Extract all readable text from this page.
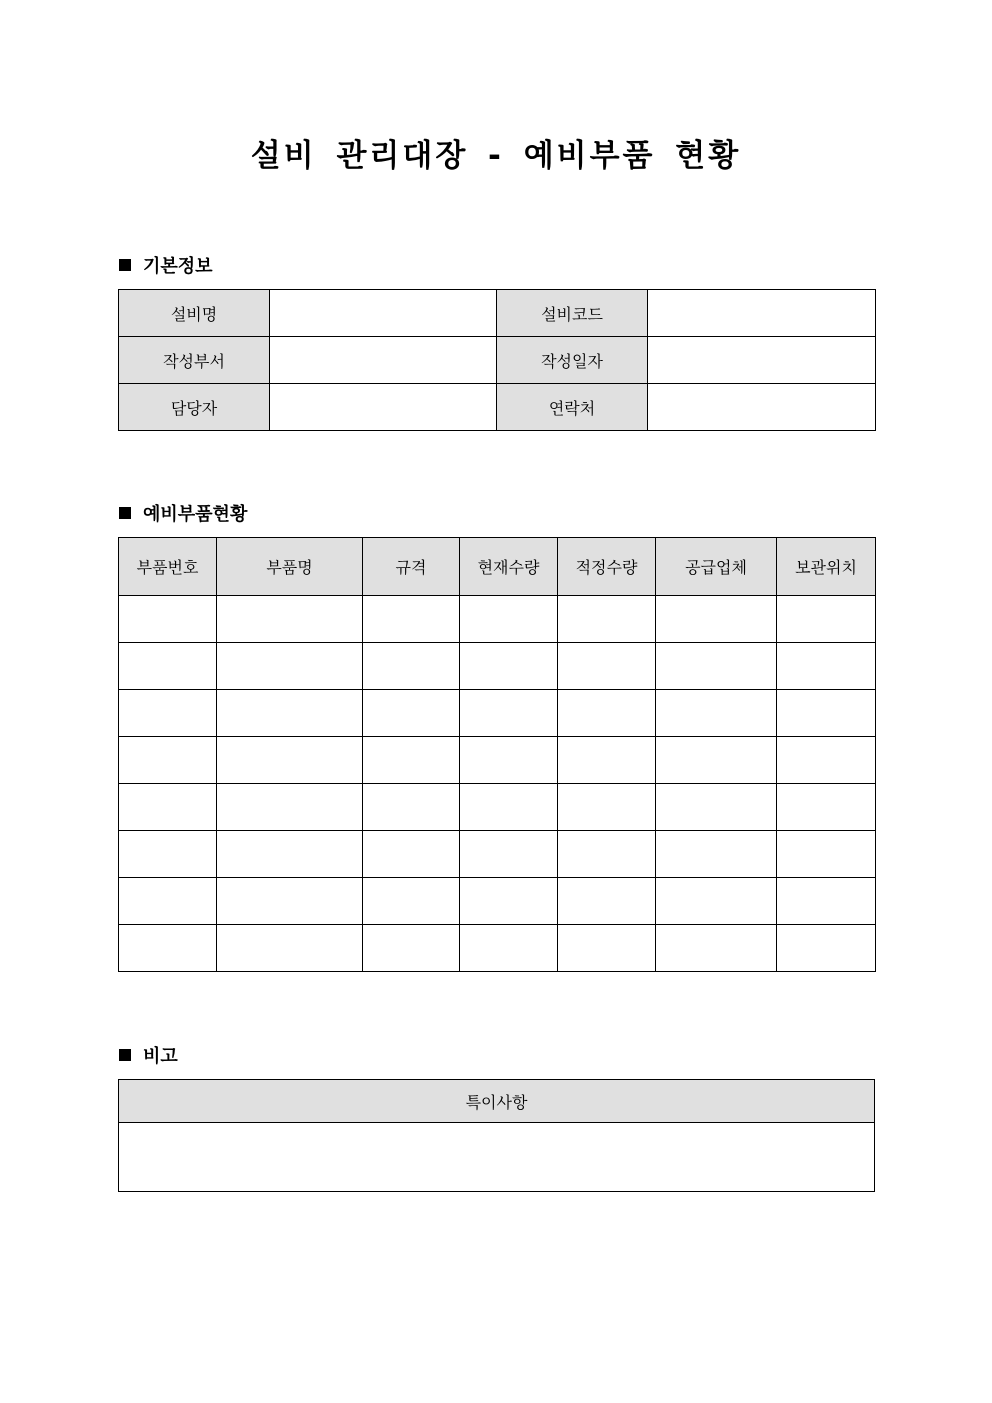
설비 관리대장 - 예비부품 현황
기본정보
설비명		설비코드	
작성부서		작성일자	
담당자		연락처	
예비부품현황
부품번호	부품명	규격	현재수량	적정수량	공급업체	보관위치

비고
특이사항
